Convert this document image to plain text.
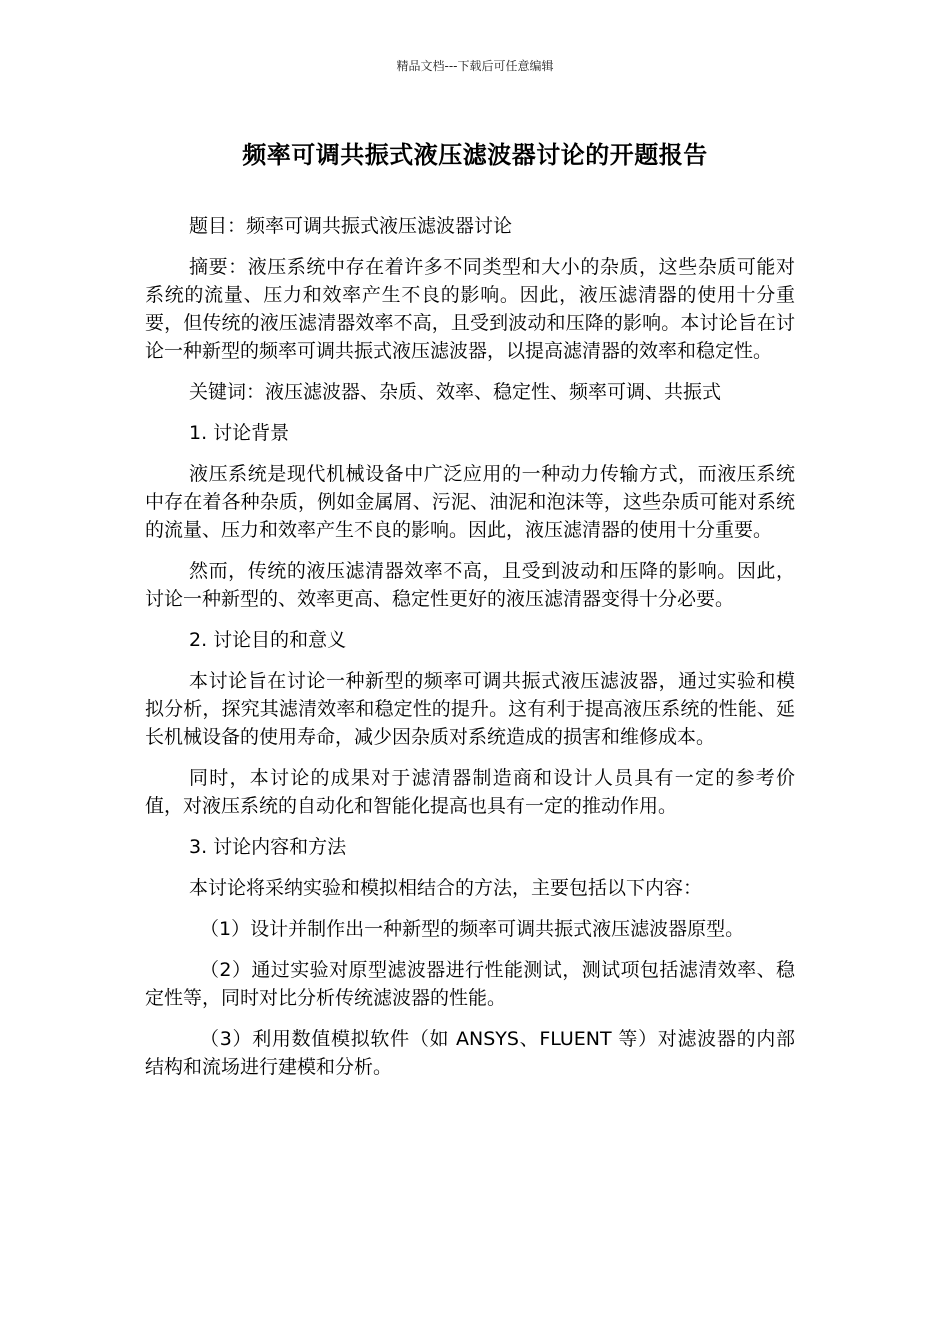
精品文档---下载后可任意编辑
频率可调共振式液压滤波器讨论的开题报告

题目：频率可调共振式液压滤波器讨论

摘要：液压系统中存在着许多不同类型和大小的杂质，这些杂质可能对系统的流量、压力和效率产生不良的影响。因此，液压滤清器的使用十分重要，但传统的液压滤清器效率不高，且受到波动和压降的影响。本讨论旨在讨论一种新型的频率可调共振式液压滤波器，以提高滤清器的效率和稳定性。

关键词：液压滤波器、杂质、效率、稳定性、频率可调、共振式

1. 讨论背景

液压系统是现代机械设备中广泛应用的一种动力传输方式，而液压系统中存在着各种杂质，例如金属屑、污泥、油泥和泡沫等，这些杂质可能对系统的流量、压力和效率产生不良的影响。因此，液压滤清器的使用十分重要。

然而，传统的液压滤清器效率不高，且受到波动和压降的影响。因此，讨论一种新型的、效率更高、稳定性更好的液压滤清器变得十分必要。

2. 讨论目的和意义

本讨论旨在讨论一种新型的频率可调共振式液压滤波器，通过实验和模拟分析，探究其滤清效率和稳定性的提升。这有利于提高液压系统的性能、延长机械设备的使用寿命，减少因杂质对系统造成的损害和维修成本。

同时，本讨论的成果对于滤清器制造商和设计人员具有一定的参考价值，对液压系统的自动化和智能化提高也具有一定的推动作用。

3. 讨论内容和方法

本讨论将采纳实验和模拟相结合的方法，主要包括以下内容：

（1）设计并制作出一种新型的频率可调共振式液压滤波器原型。

（2）通过实验对原型滤波器进行性能测试，测试项包括滤清效率、稳定性等，同时对比分析传统滤波器的性能。

（3）利用数值模拟软件（如 ANSYS、FLUENT 等）对滤波器的内部结构和流场进行建模和分析。
